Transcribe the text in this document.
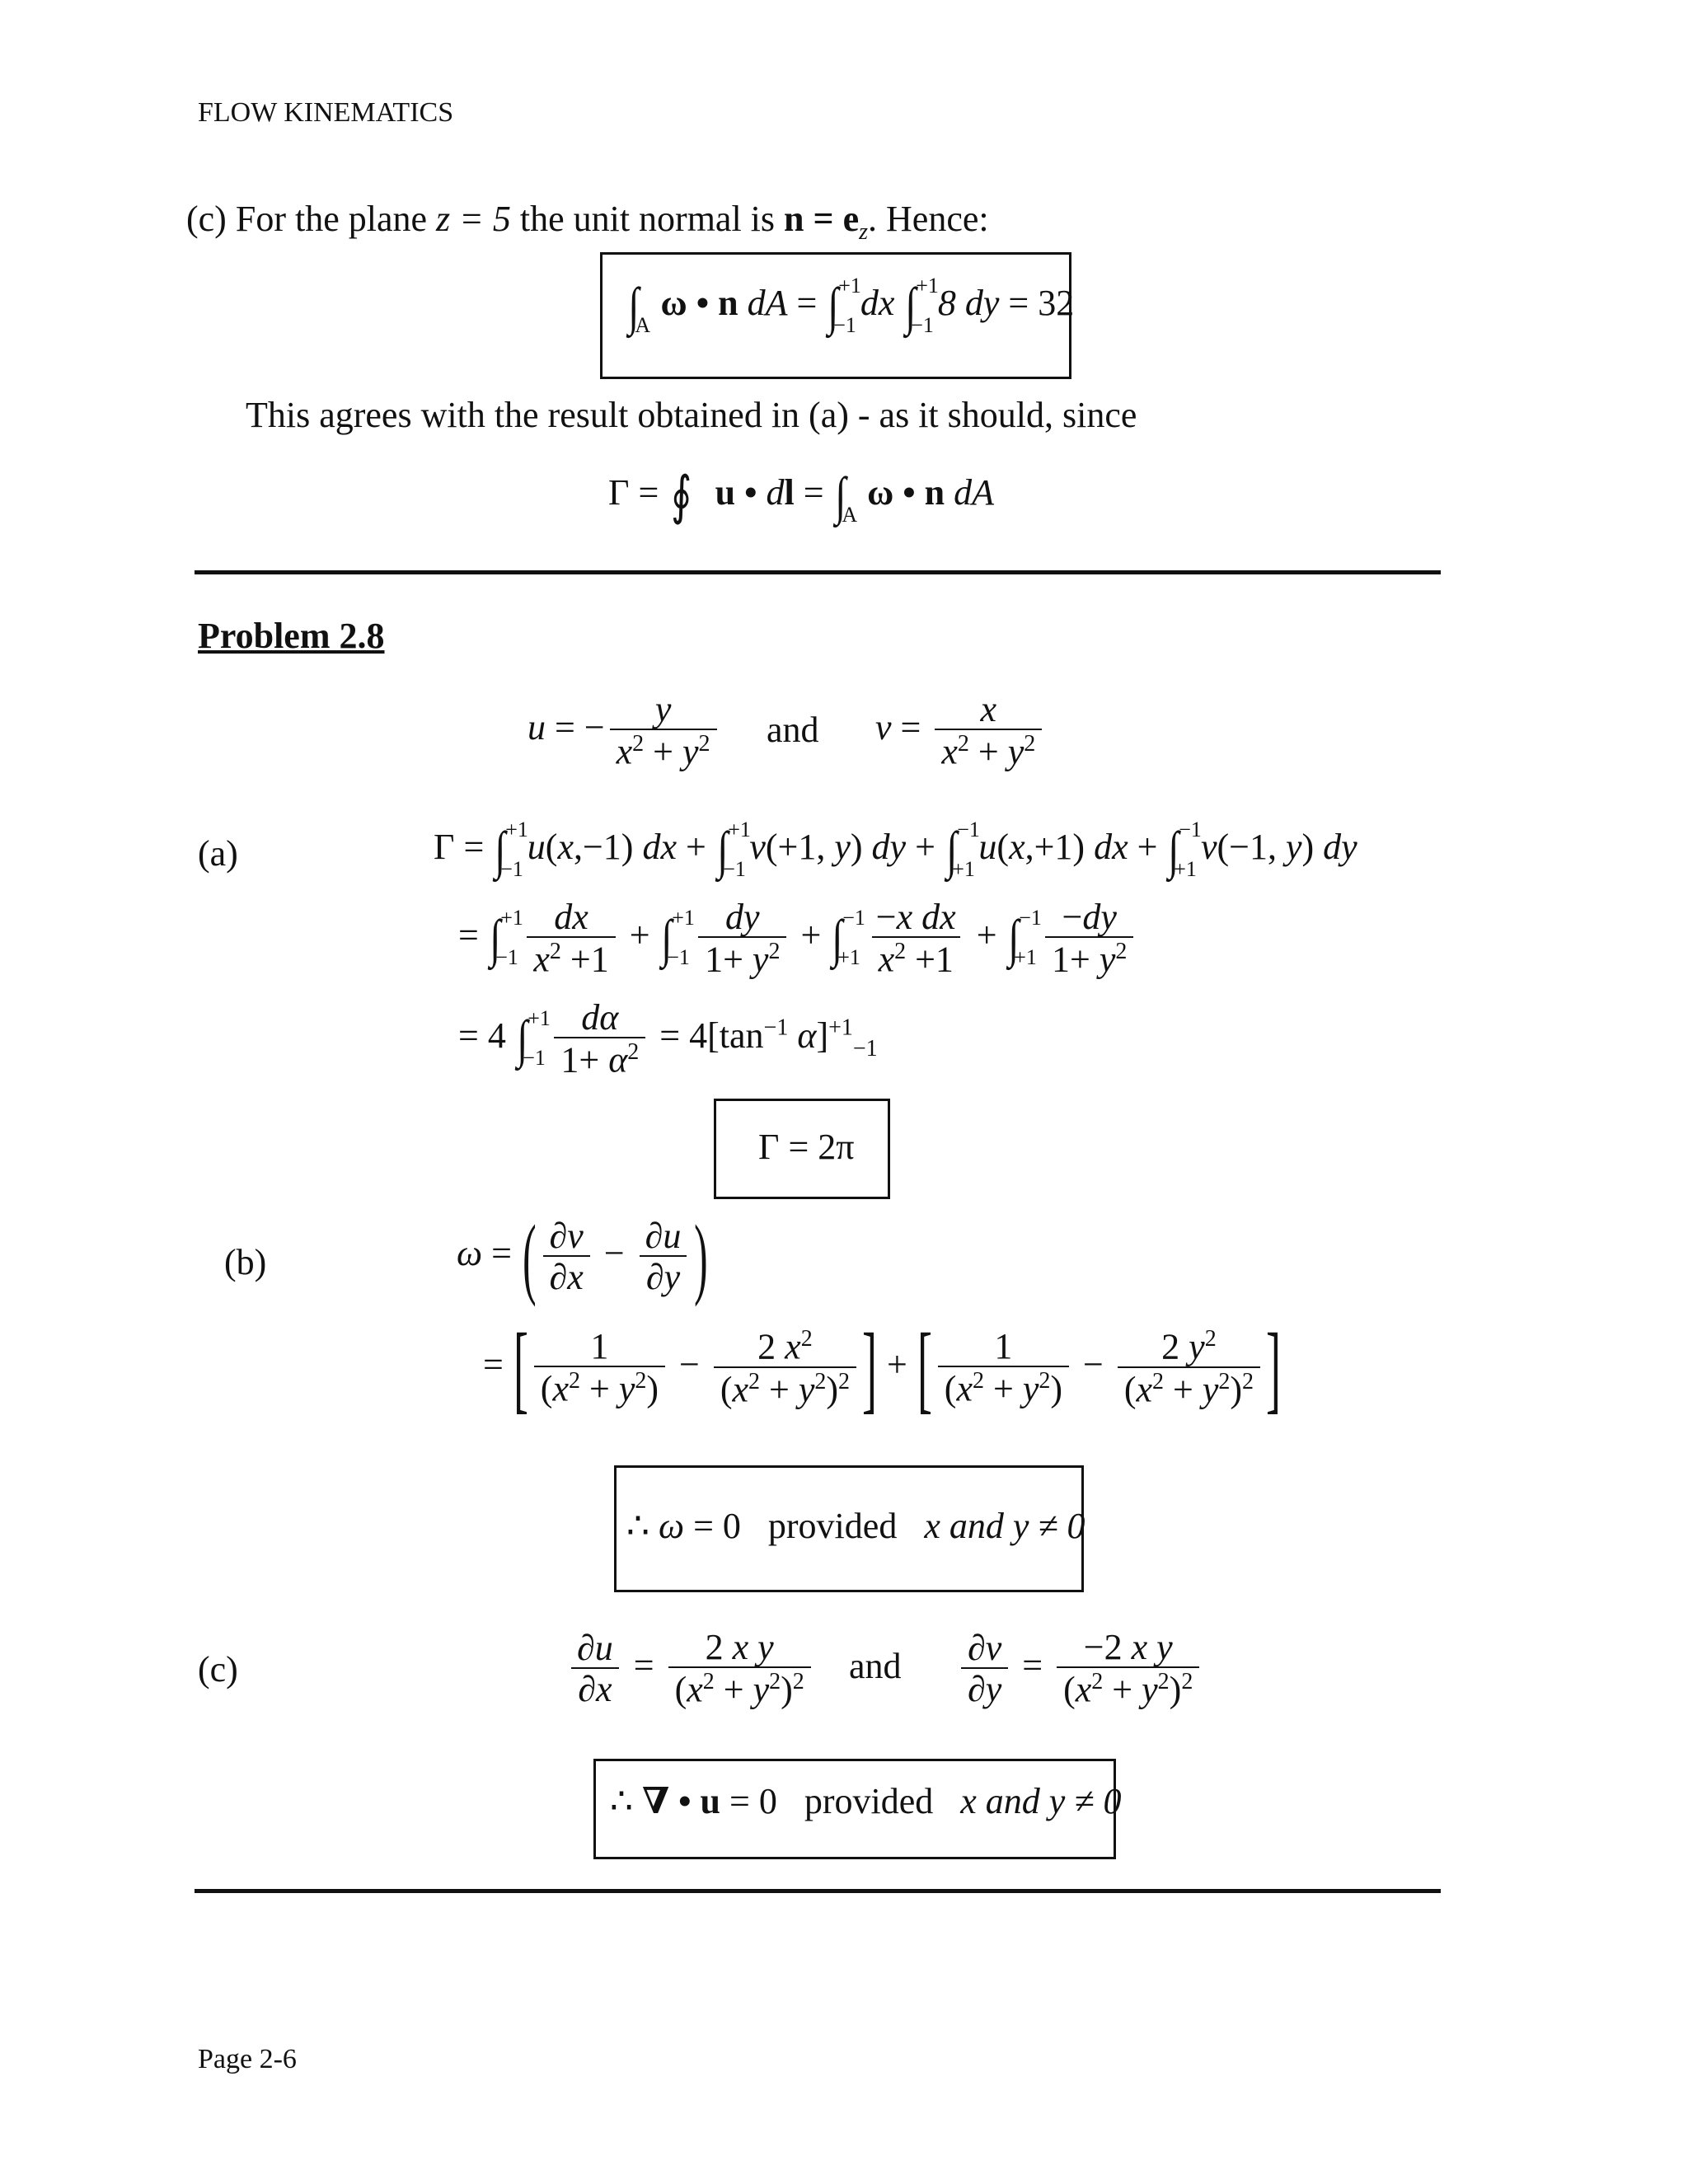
FLOW KINEMATICS
(c) For the plane z = 5 the unit normal is $n = e_z$. Hence:
∫
A
ω • n dA = ∫ +1
−1
dx ∫ +1
−1
8 dy = 32
This agrees with the result obtained in (a) - as it should, since
Γ = ∮ u • dl = ∫
A
ω • n dA
Problem 2.8
u = − $\frac{y}{x^2 + y^2}$ and $v = \frac{x}{x^2 + y^2}$
(a)	Γ = ∫ +1
−1
u(x,−1) dx + ∫ +1
−1
v(+1, y) dy + ∫ −1
+1
u(x,+1) dx + ∫ −1
+1
v(−1, y) dy
= ∫ +1
$-1 \frac{dx}{x^2 +1}$ + ∫ +1
$-1 \frac{dy}{1+ y^2}$ + ∫ −1
$+1 \frac{\text{−x dx}}{x^2 +1}$ + ∫ −1
$+1 \frac{-dy}{1+ y^2}$
= 4 ∫ +1
$-1 \frac{d\alpha}{1+ \alpha^2} = 4[\tan^{-1}$ α]$^{+1}_{-1}$
Γ = 2π
(b)	ω = ( $\frac{\partial v}{\partial x} - \frac{\partial u}{\partial y}$ )
= [ $\frac{1}{(x^2 + y^2)} - \frac{2 x^2}{(x^2 + y^2)^2}$ ] + [ $\frac{1}{(x^2 + y^2)} - \frac{2 y^2}{(x^2 + y^2)^2}$ ]
∴ ω = 0   provided x and y ≠ 0
(c)	$\frac{\partial u}{\partial x} = \frac{\text{2 x y}}{(x^2 + y^2)^2}$ and $\frac{\partial v}{\partial y} = \frac{\text{−2 x y}}{(x^2 + y^2)^2}$
∴ ∇ • u = 0   provided x and y ≠ 0
Page 2-6
